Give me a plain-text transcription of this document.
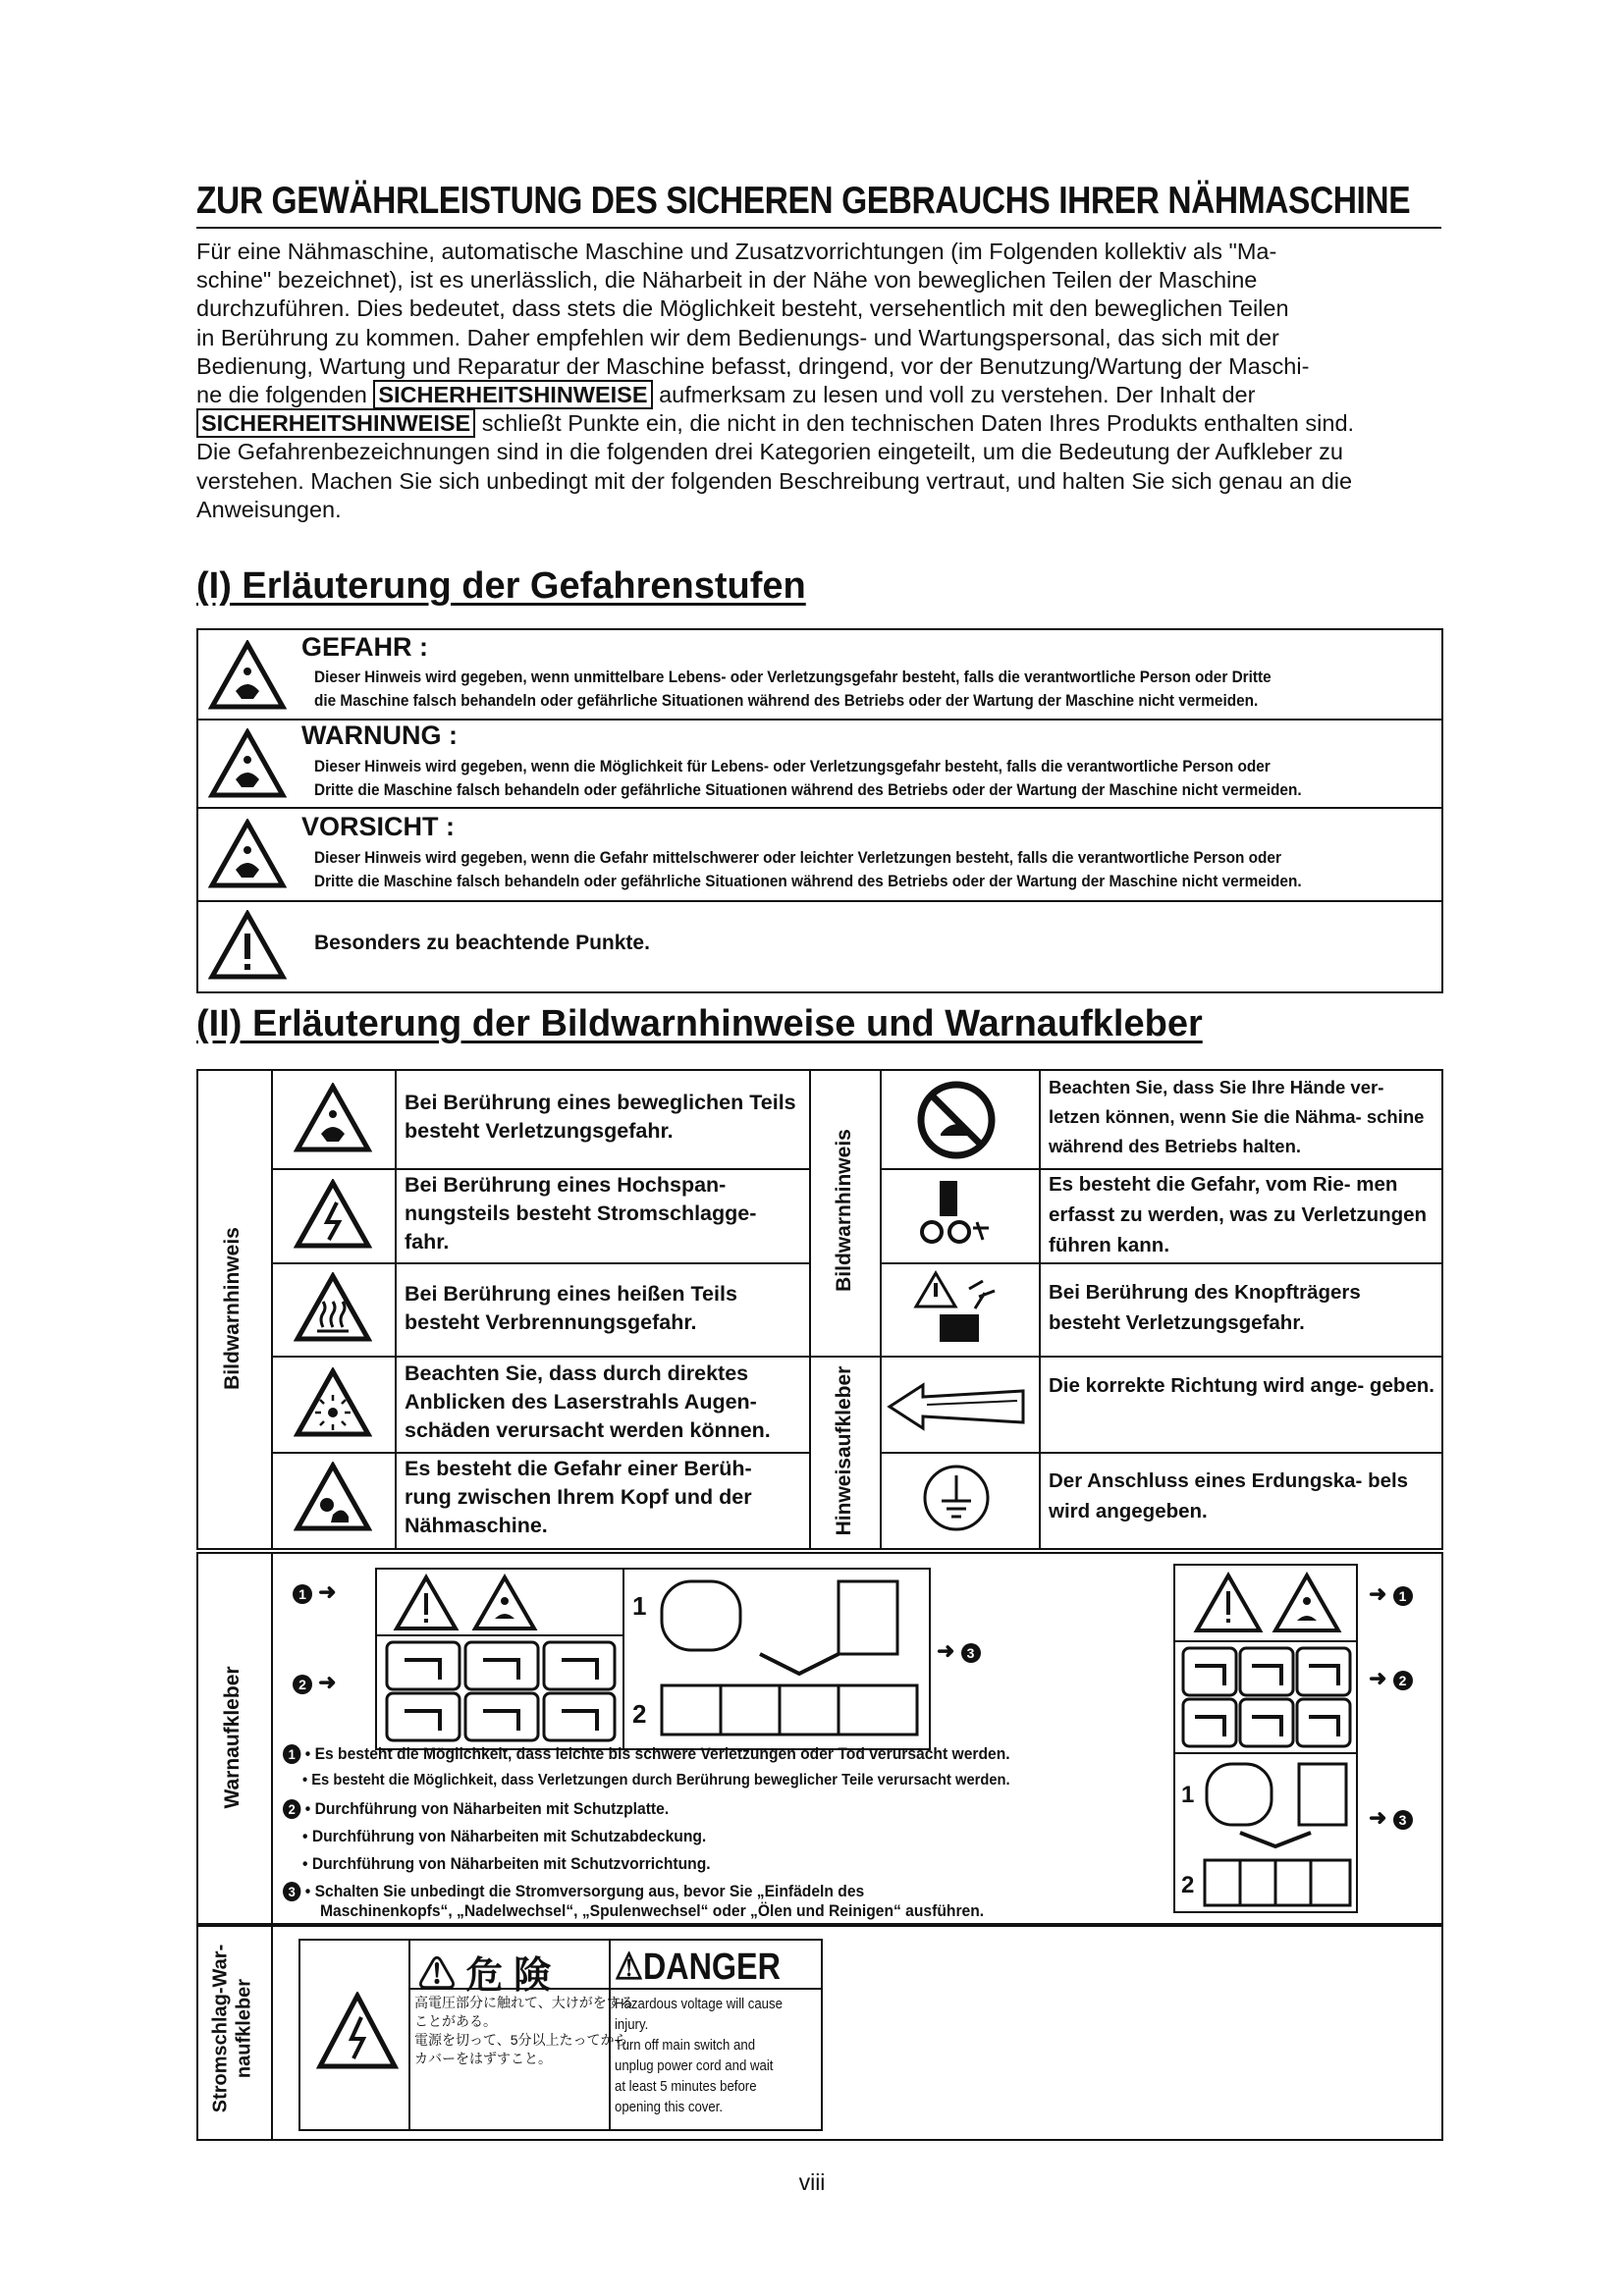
ZUR GEWÄHRLEISTUNG DES SICHEREN GEBRAUCHS IHRER NÄHMASCHINE
Für eine Nähmaschine, automatische Maschine und Zusatzvorrichtungen (im Folgenden kollektiv als "Ma-
schine" bezeichnet), ist es unerlässlich, die Näharbeit in der Nähe von beweglichen Teilen der Maschine
durchzuführen. Dies bedeutet, dass stets die Möglichkeit besteht, versehentlich mit den beweglichen Teilen
in Berührung zu kommen. Daher empfehlen wir dem Bedienungs- und Wartungspersonal, das sich mit der
Bedienung, Wartung und Reparatur der Maschine befasst, dringend, vor der Benutzung/Wartung der Maschi-
ne die folgenden SICHERHEITSHINWEISE aufmerksam zu lesen und voll zu verstehen. Der Inhalt der
SICHERHEITSHINWEISE schließt Punkte ein, die nicht in den technischen Daten Ihres Produkts enthalten sind.
Die Gefahrenbezeichnungen sind in die folgenden drei Kategorien eingeteilt, um die Bedeutung der Aufkleber zu
verstehen. Machen Sie sich unbedingt mit der folgenden Beschreibung vertraut, und halten Sie sich genau an die
Anweisungen.
(I) Erläuterung der Gefahrenstufen
GEFAHR :
Dieser Hinweis wird gegeben, wenn unmittelbare Lebens- oder Verletzungsgefahr besteht, falls die verantwortliche Person oder Dritte
die Maschine falsch behandeln oder gefährliche Situationen während des Betriebs oder der Wartung der Maschine nicht vermeiden.
WARNUNG :
Dieser Hinweis wird gegeben, wenn die Möglichkeit für Lebens- oder Verletzungsgefahr besteht, falls die verantwortliche Person oder
Dritte die Maschine falsch behandeln oder gefährliche Situationen während des Betriebs oder der Wartung der Maschine nicht vermeiden.
VORSICHT :
Dieser Hinweis wird gegeben, wenn die Gefahr mittelschwerer oder leichter Verletzungen besteht, falls die verantwortliche Person oder
Dritte die Maschine falsch behandeln oder gefährliche Situationen während des Betriebs oder der Wartung der Maschine nicht vermeiden.
Besonders zu beachtende Punkte.
(II) Erläuterung der Bildwarnhinweise und Warnaufkleber
Bildwarnhinweis
Bildwarnhinweis
Hinweisaufkleber
Bei Berührung eines beweglichen Teils besteht Verletzungsgefahr.
Bei Berührung eines Hochspan- nungsteils besteht Stromschlagge- fahr.
Bei Berührung eines heißen Teils besteht Verbrennungsgefahr.
Beachten Sie, dass durch direktes Anblicken des Laserstrahls Augen- schäden verursacht werden können.
Es besteht die Gefahr einer Berüh- rung zwischen Ihrem Kopf und der Nähmaschine.
Beachten Sie, dass Sie Ihre Hände ver- letzen können, wenn Sie die Nähma- schine während des Betriebs halten.
Es besteht die Gefahr, vom Rie- men erfasst zu werden, was zu Verletzungen führen kann.
Bei Berührung des Knopfträgers besteht Verletzungsgefahr.
Die korrekte Richtung wird ange- geben.
Der Anschluss eines Erdungska- bels wird angegeben.
Warnaufkleber
1 ➜
2 ➜
1
2
➜ 3
1
2
➜ 1
➜ 2
➜ 3
1 • Es besteht die Möglichkeit, dass leichte bis schwere Verletzungen oder Tod verursacht werden.
• Es besteht die Möglichkeit, dass Verletzungen durch Berührung beweglicher Teile verursacht werden.
2 • Durchführung von Näharbeiten mit Schutzplatte.
• Durchführung von Näharbeiten mit Schutzabdeckung.
• Durchführung von Näharbeiten mit Schutzvorrichtung.
3 • Schalten Sie unbedingt die Stromversorgung aus, bevor Sie „Einfädeln des
Maschinenkopfs“, „Nadelwechsel“, „Spulenwechsel“ oder „Ölen und Reinigen“ ausführen.
Stromschlag-War- naufkleber
⚠ 危 険 ⚠DANGER
高電圧部分に触れて、大けがをする
ことがある。
電源を切って、5分以上たってから
カバーをはずすこと。
Hazardous voltage will cause
injury.
Turn off main switch and
unplug power cord and wait
at least 5 minutes before
opening this cover.
viii
